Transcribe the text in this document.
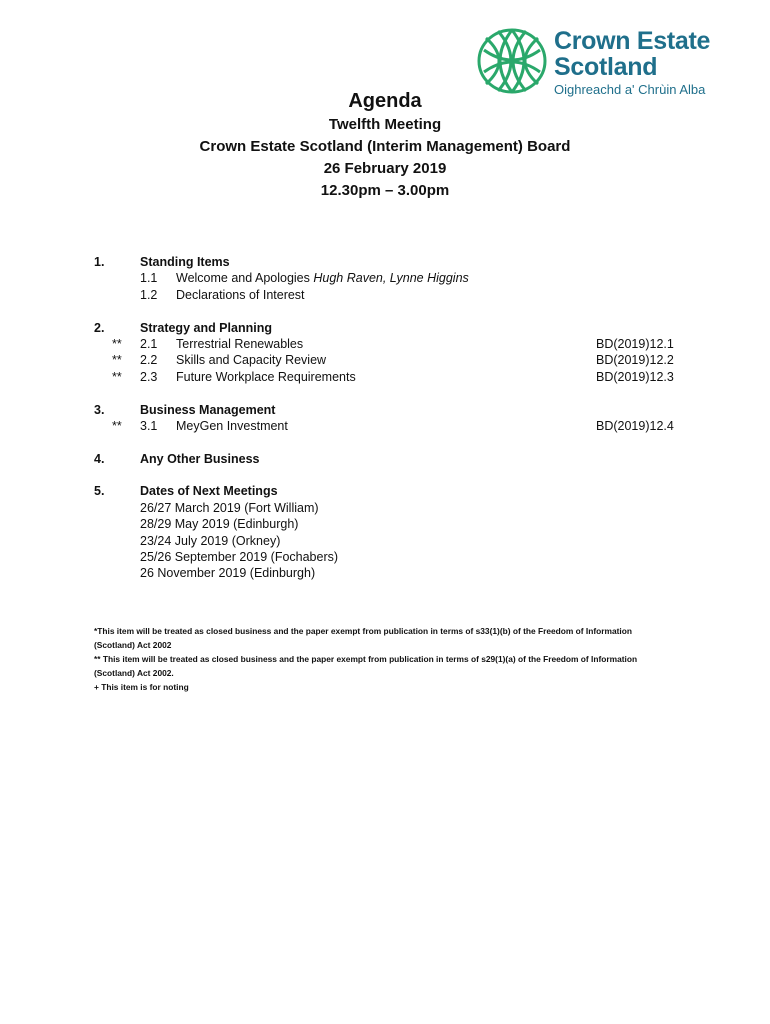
Crown Estate
Scotland
Oighreachd a' Chrùin Alba
Agenda
Twelfth Meeting
Crown Estate Scotland (Interim Management) Board
26 February 2019
12.30pm – 3.00pm
1.	Standing Items
1.1 Welcome and Apologies Hugh Raven, Lynne Higgins
1.2 Declarations of Interest
2.	Strategy and Planning
** 2.1 Terrestrial Renewables	BD(2019)12.1
** 2.2 Skills and Capacity Review	BD(2019)12.2
** 2.3 Future Workplace Requirements	BD(2019)12.3
3.	Business Management
** 3.1 MeyGen Investment	BD(2019)12.4
4.	Any Other Business
5.	Dates of Next Meetings
26/27 March 2019 (Fort William)
28/29 May 2019 (Edinburgh)
23/24 July 2019 (Orkney)
25/26 September 2019 (Fochabers)
26 November 2019 (Edinburgh)

*This item will be treated as closed business and the paper exempt from publication in terms of s33(1)(b) of the Freedom of Information

(Scotland) Act 2002

** This item will be treated as closed business and the paper exempt from publication in terms of s29(1)(a) of the Freedom of Information

(Scotland) Act 2002.

+ This item is for noting
